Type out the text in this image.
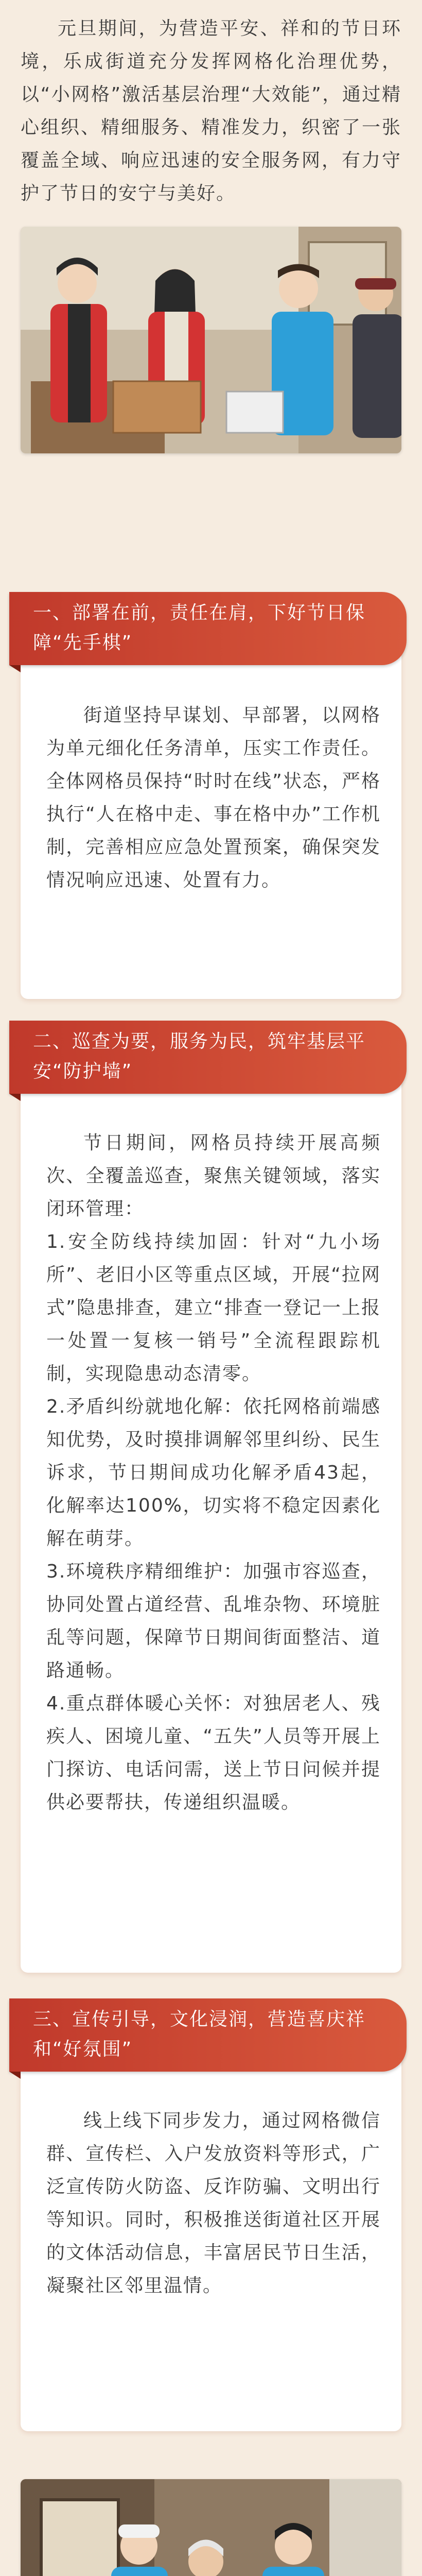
元旦期间，为营造平安、祥和的节日环境，乐成街道充分发挥网格化治理优势，以“小网格”激活基层治理“大效能”，通过精心组织、精细服务、精准发力，织密了一张覆盖全域、响应迅速的安全服务网，有力守护了节日的安宁与美好。

一、部署在前，责任在肩，下好节日保障“先手棋”

街道坚持早谋划、早部署，以网格为单元细化任务清单，压实工作责任。全体网格员保持“时时在线”状态，严格执行“人在格中走、事在格中办”工作机制，完善相应应急处置预案，确保突发情况响应迅速、处置有力。

二、巡查为要，服务为民，筑牢基层平安“防护墙”

节日期间，网格员持续开展高频次、全覆盖巡查，聚焦关键领域，落实闭环管理：

1.安全防线持续加固：针对“九小场所”、老旧小区等重点区域，开展“拉网式”隐患排查，建立“排查一登记一上报一处置一复核一销号”全流程跟踪机制，实现隐患动态清零。

2.矛盾纠纷就地化解：依托网格前端感知优势，及时摸排调解邻里纠纷、民生诉求，节日期间成功化解矛盾43起，化解率达100%，切实将不稳定因素化解在萌芽。

3.环境秩序精细维护：加强市容巡查，协同处置占道经营、乱堆杂物、环境脏乱等问题，保障节日期间街面整洁、道路通畅。

4.重点群体暖心关怀：对独居老人、残疾人、困境儿童、“五失”人员等开展上门探访、电话问需，送上节日问候并提供必要帮扶，传递组织温暖。

三、宣传引导，文化浸润，营造喜庆祥和“好氛围”

线上线下同步发力，通过网格微信群、宣传栏、入户发放资料等形式，广泛宣传防火防盗、反诈防骗、文明出行等知识。同时，积极推送街道社区开展的文体活动信息，丰富居民节日生活，凝聚社区邻里温情。
